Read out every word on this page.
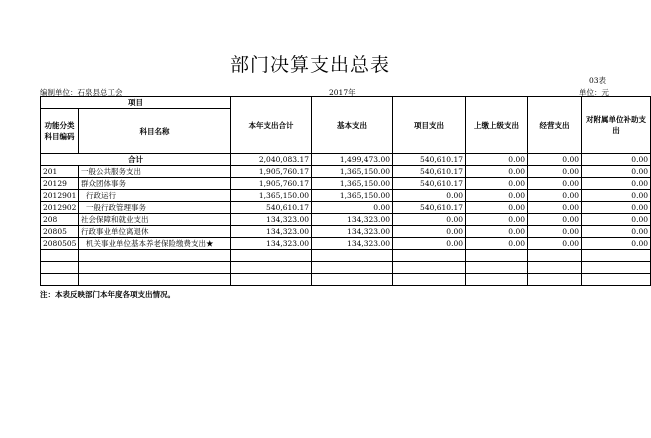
部门决算支出总表
03表
编制单位：石泉县总工会	2017年	单位：元
项目		本年支出合计	基本支出	项目支出	上缴上级支出	经营支出	对附属单位补助支出
功能分类科目编码	科目名称						
合计		2,040,083.17	1,499,473.00	540,610.17	0.00	0.00	0.00
201	一般公共服务支出	1,905,760.17	1,365,150.00	540,610.17	0.00	0.00	0.00
20129	群众团体事务	1,905,760.17	1,365,150.00	540,610.17	0.00	0.00	0.00
2012901	行政运行	1,365,150.00	1,365,150.00	0.00	0.00	0.00	0.00
2012902	一般行政管理事务	540,610.17	0.00	540,610.17	0.00	0.00	0.00
208	社会保障和就业支出	134,323.00	134,323.00	0.00	0.00	0.00	0.00
20805	行政事业单位离退休	134,323.00	134,323.00	0.00	0.00	0.00	0.00
2080505	机关事业单位基本养老保险缴费支出★	134,323.00	134,323.00	0.00	0.00	0.00	0.00

注：本表反映部门本年度各项支出情况。
